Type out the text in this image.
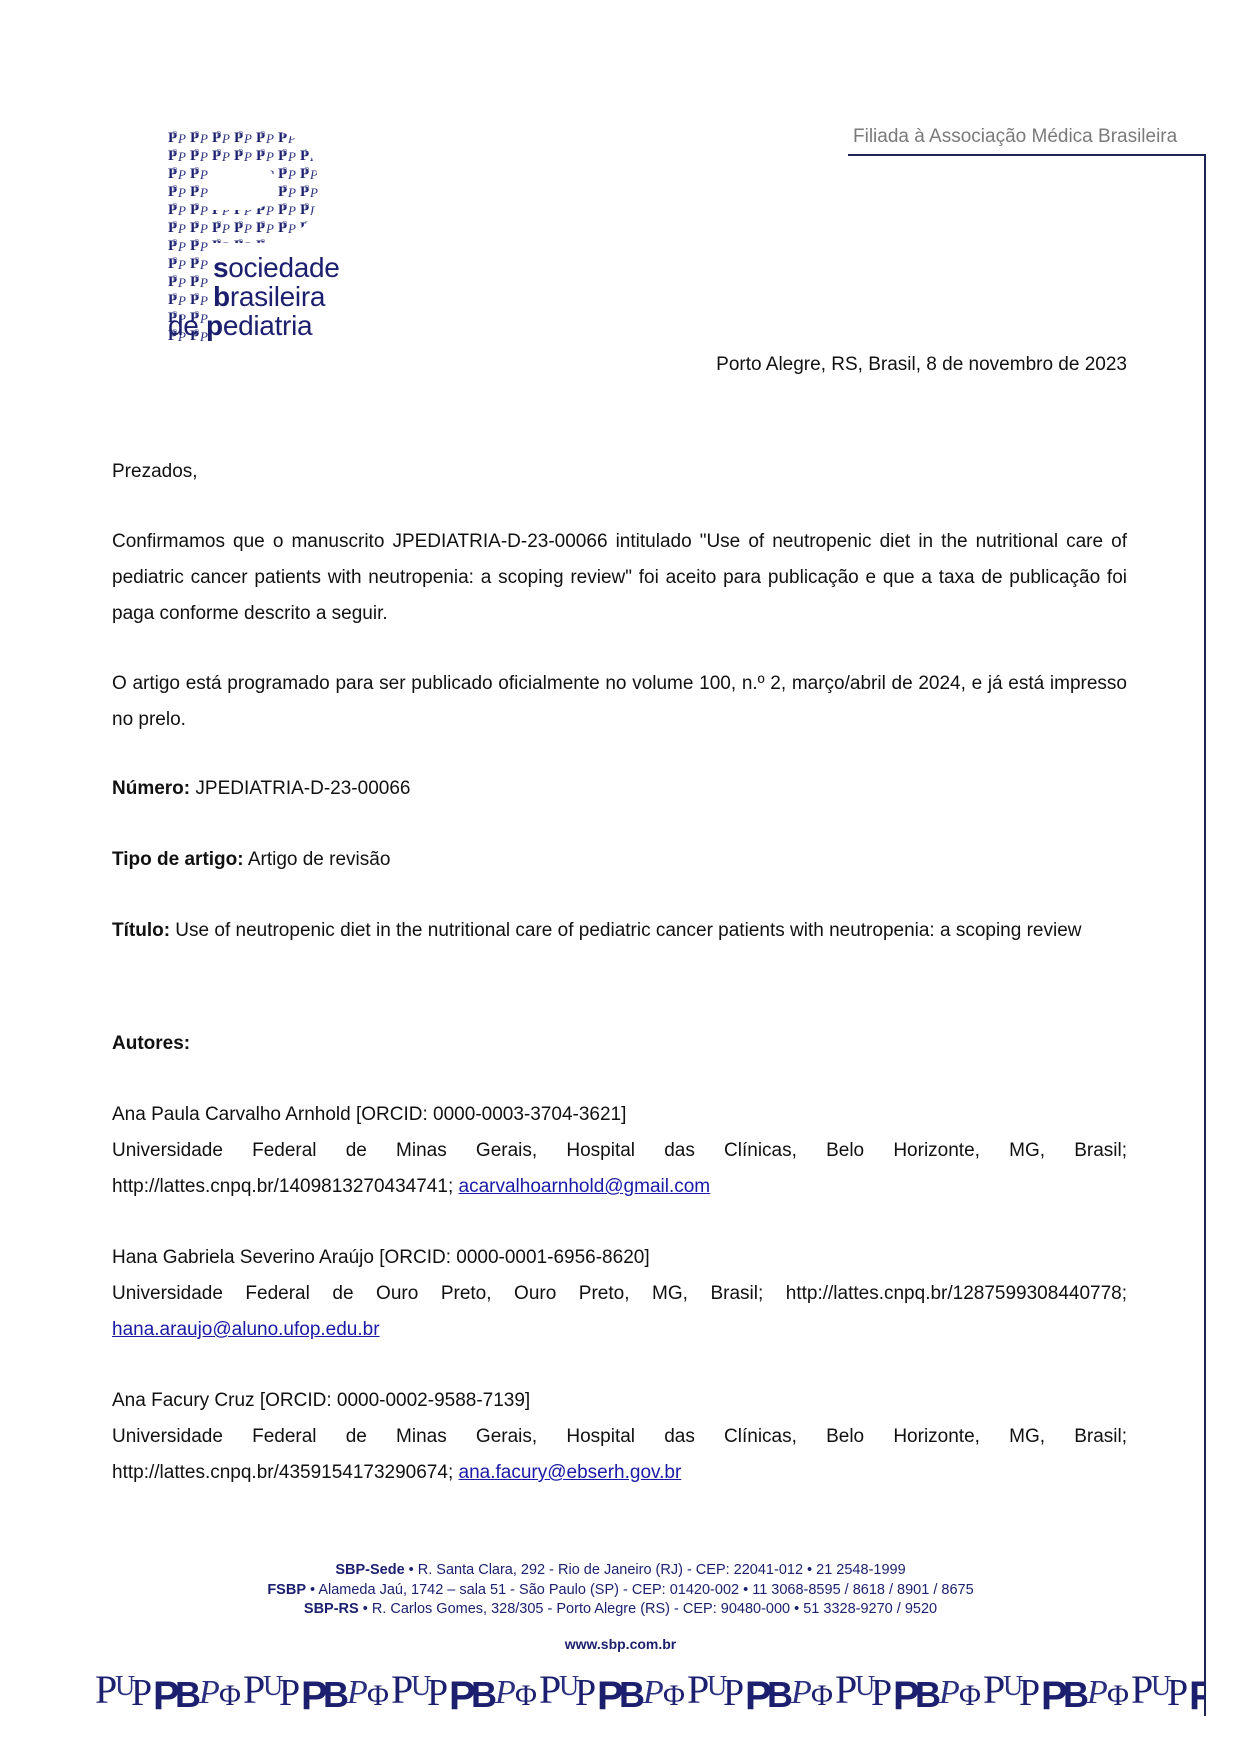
sociedade
brasileira
de pediatria
Filiada à Associação Médica Brasileira
Porto Alegre, RS, Brasil, 8 de novembro de 2023
Prezados,
Confirmamos que o manuscrito JPEDIATRIA-D-23-00066 intitulado "Use of neutropenic diet in the nutritional care of pediatric cancer patients with neutropenia: a scoping review" foi aceito para publicação e que a taxa de publicação foi paga conforme descrito a seguir.
O artigo está programado para ser publicado oficialmente no volume 100, n.º 2, março/abril de 2024, e já está impresso no prelo.
Número: JPEDIATRIA-D-23-00066
Tipo de artigo: Artigo de revisão
Título: Use of neutropenic diet in the nutritional care of pediatric cancer patients with neutropenia: a scoping review
Autores:
Ana Paula Carvalho Arnhold [ORCID: 0000-0003-3704-3621]
Universidade Federal de Minas Gerais, Hospital das Clínicas, Belo Horizonte, MG, Brasil; http://lattes.cnpq.br/1409813270434741; acarvalhoarnhold@gmail.com
Hana Gabriela Severino Araújo [ORCID: 0000-0001-6956-8620]
Universidade Federal de Ouro Preto, Ouro Preto, MG, Brasil; http://lattes.cnpq.br/1287599308440778; hana.araujo@aluno.ufop.edu.br
Ana Facury Cruz [ORCID: 0000-0002-9588-7139]
Universidade Federal de Minas Gerais, Hospital das Clínicas, Belo Horizonte, MG, Brasil; http://lattes.cnpq.br/4359154173290674; ana.facury@ebserh.gov.br
SBP-Sede • R. Santa Clara, 292 - Rio de Janeiro (RJ) - CEP: 22041-012 • 21 2548-1999
FSBP • Alameda Jaú, 1742 – sala 51 - São Paulo (SP) - CEP: 01420-002 • 11 3068-8595 / 8618 / 8901 / 8675
SBP-RS • R. Carlos Gomes, 328/305 - Porto Alegre (RS) - CEP: 90480-000 • 51 3328-9270 / 9520
www.sbp.com.br
